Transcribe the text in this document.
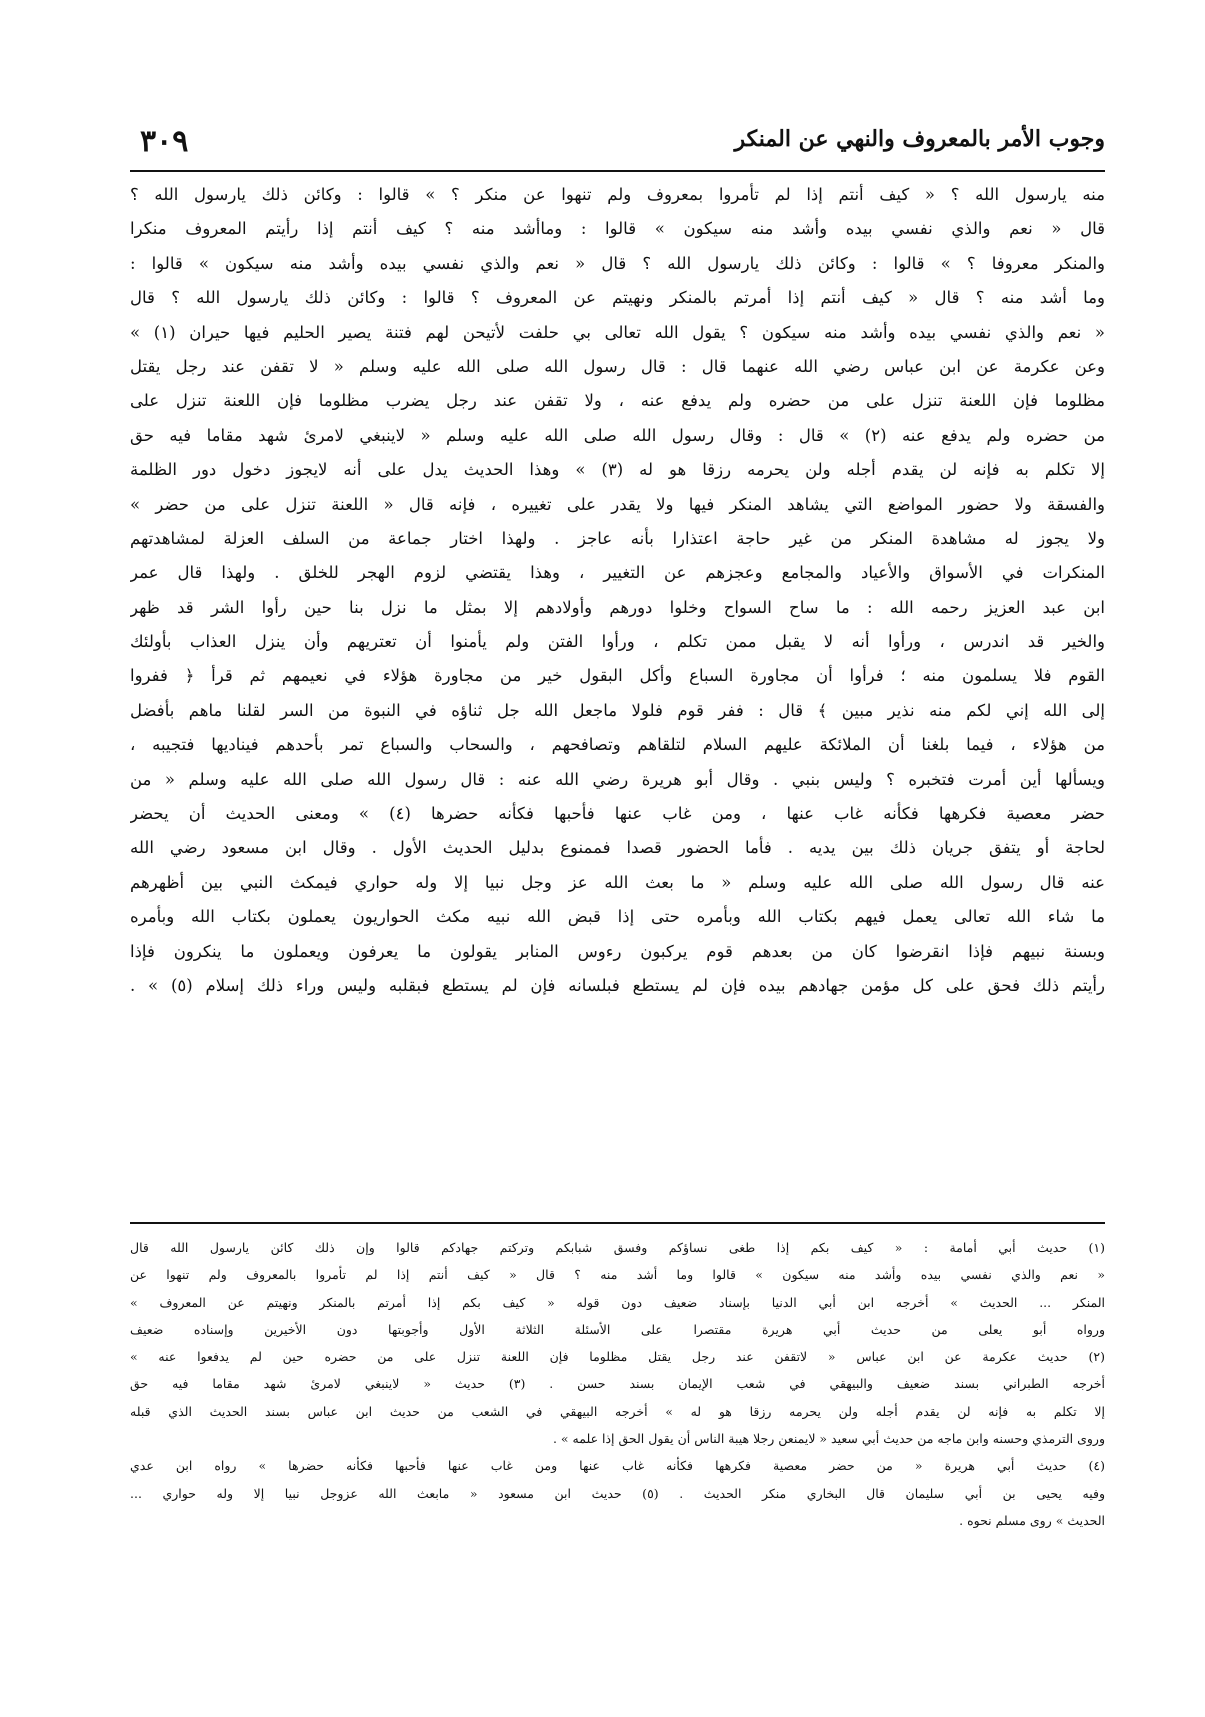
٣٠٩	وجوب الأمر بالمعروف والنهي عن المنكر
منه يارسول الله ؟ « كيف أنتم إذا لم تأمروا بمعروف ولم تنهوا عن منكر ؟ » قالوا : وكائن ذلك يارسول الله ؟
قال « نعم والذي نفسي بيده وأشد منه سيكون » قالوا : وماأشد منه ؟ كيف أنتم إذا رأيتم المعروف منكرا
والمنكر معروفا ؟ » قالوا : وكائن ذلك يارسول الله ؟ قال « نعم والذي نفسي بيده وأشد منه سيكون » قالوا :
وما أشد منه ؟ قال « كيف أنتم إذا أمرتم بالمنكر ونهيتم عن المعروف ؟ قالوا : وكائن ذلك يارسول الله ؟ قال
« نعم والذي نفسي بيده وأشد منه سيكون ؟ يقول الله تعالى بي حلفت لأتيحن لهم فتنة يصير الحليم فيها حيران (١) »
وعن عكرمة عن ابن عباس رضي الله عنهما قال : قال رسول الله صلى الله عليه وسلم « لا تقفن عند رجل يقتل
مظلوما فإن اللعنة تنزل على من حضره ولم يدفع عنه ، ولا تقفن عند رجل يضرب مظلوما فإن اللعنة تنزل على
من حضره ولم يدفع عنه (٢) » قال : وقال رسول الله صلى الله عليه وسلم « لاينبغي لامرئ شهد مقاما فيه حق
إلا تكلم به فإنه لن يقدم أجله ولن يحرمه رزقا هو له (٣) » وهذا الحديث يدل على أنه لايجوز دخول دور الظلمة
والفسقة ولا حضور المواضع التي يشاهد المنكر فيها ولا يقدر على تغييره ، فإنه قال « اللعنة تنزل على من حضر »
ولا يجوز له مشاهدة المنكر من غير حاجة اعتذارا بأنه عاجز . ولهذا اختار جماعة من السلف العزلة لمشاهدتهم
المنكرات في الأسواق والأعياد والمجامع وعجزهم عن التغيير ، وهذا يقتضي لزوم الهجر للخلق . ولهذا قال عمر
ابن عبد العزيز رحمه الله : ما ساح السواح وخلوا دورهم وأولادهم إلا بمثل ما نزل بنا حين رأوا الشر قد ظهر
والخير قد اندرس ، ورأوا أنه لا يقبل ممن تكلم ، ورأوا الفتن ولم يأمنوا أن تعتريهم وأن ينزل العذاب بأولئك
القوم فلا يسلمون منه ؛ فرأوا أن مجاورة السباع وأكل البقول خير من مجاورة هؤلاء في نعيمهم ثم قرأ ﴿ ففروا
إلى الله إني لكم منه نذير مبين ﴾ قال : ففر قوم فلولا ماجعل الله جل ثناؤه في النبوة من السر لقلنا ماهم بأفضل
من هؤلاء ، فيما بلغنا أن الملائكة عليهم السلام لتلقاهم وتصافحهم ، والسحاب والسباع تمر بأحدهم فيناديها فتجيبه ،
ويسألها أين أمرت فتخبره ؟ وليس بنبي . وقال أبو هريرة رضي الله عنه : قال رسول الله صلى الله عليه وسلم « من
حضر معصية فكرهها فكأنه غاب عنها ، ومن غاب عنها فأحبها فكأنه حضرها (٤) » ومعنى الحديث أن يحضر
لحاجة أو يتفق جريان ذلك بين يديه . فأما الحضور قصدا فممنوع بدليل الحديث الأول . وقال ابن مسعود رضي الله
عنه قال رسول الله صلى الله عليه وسلم « ما بعث الله عز وجل نبيا إلا وله حواري فيمكث النبي بين أظهرهم
ما شاء الله تعالى يعمل فيهم بكتاب الله وبأمره حتى إذا قبض الله نبيه مكث الحواريون يعملون بكتاب الله وبأمره
وبسنة نبيهم فإذا انقرضوا كان من بعدهم قوم يركبون رءوس المنابر يقولون ما يعرفون ويعملون ما ينكرون فإذا
رأيتم ذلك فحق على كل مؤمن جهادهم بيده فإن لم يستطع فبلسانه فإن لم يستطع فبقلبه وليس وراء ذلك إسلام (٥) » .
(١) حديث أبي أمامة : « كيف بكم إذا طغى نساؤكم وفسق شبابكم وتركتم جهادكم قالوا وإن ذلك كائن يارسول الله قال
« نعم والذي نفسي بيده وأشد منه سيكون » قالوا وما أشد منه ؟ قال « كيف أنتم إذا لم تأمروا بالمعروف ولم تنهوا عن
المنكر ... الحديث » أخرجه ابن أبي الدنيا بإسناد ضعيف دون قوله « كيف بكم إذا أمرتم بالمنكر ونهيتم عن المعروف »
ورواه أبو يعلى من حديث أبي هريرة مقتصرا على الأسئلة الثلاثة الأول وأجوبتها دون الأخيرين وإسناده ضعيف
(٢) حديث عكرمة عن ابن عباس « لاتقفن عند رجل يقتل مظلوما فإن اللعنة تنزل على من حضره حين لم يدفعوا عنه »
أخرجه الطبراني بسند ضعيف والبيهقي في شعب الإيمان بسند حسن . (٣) حديث « لاينبغي لامرئ شهد مقاما فيه حق
إلا تكلم به فإنه لن يقدم أجله ولن يحرمه رزقا هو له » أخرجه البيهقي في الشعب من حديث ابن عباس بسند الحديث الذي قبله
وروى الترمذي وحسنه وابن ماجه من حديث أبي سعيد « لايمنعن رجلا هيبة الناس أن يقول الحق إذا علمه » .
(٤) حديث أبي هريرة « من حضر معصية فكرهها فكأنه غاب عنها ومن غاب عنها فأحبها فكأنه حضرها » رواه ابن عدي
وفيه يحيى بن أبي سليمان قال البخاري منكر الحديث . (٥) حديث ابن مسعود « مابعث الله عزوجل نبيا إلا وله حواري ...
الحديث » روى مسلم نحوه .
